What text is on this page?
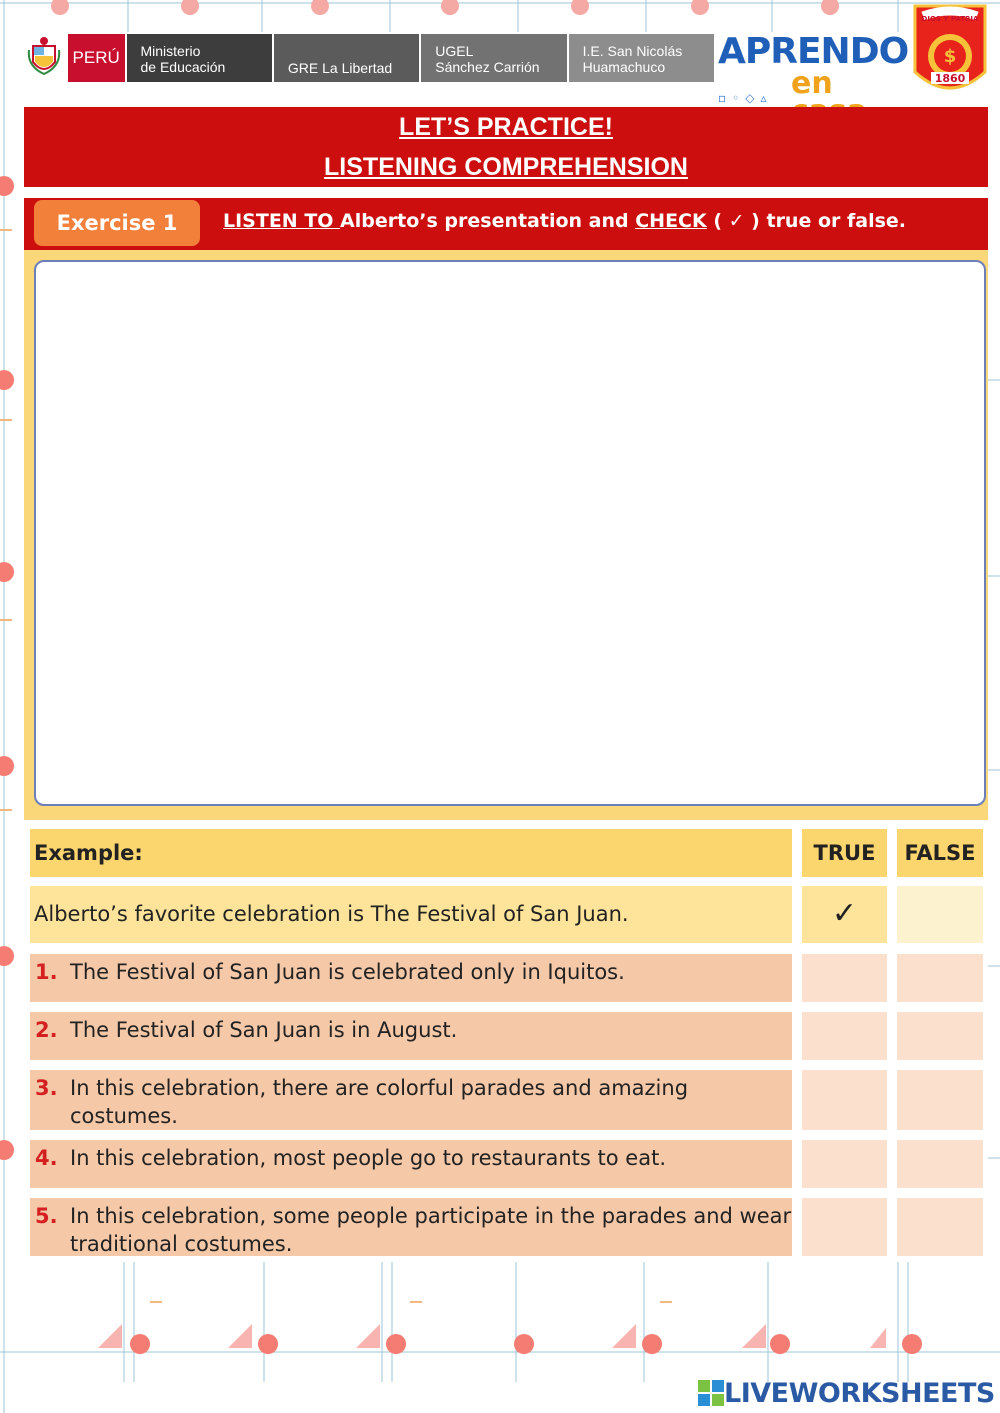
PERÚ	Ministerio
de Educación	GRE La Libertad
UGEL
Sánchez Carrión
I.E. San Nicolás
Huamachuco	APRENDO
▫◦◇▵ en
DIOS Y PATRIA
$
1860
HUAMACHUCO
LET’S PRACTICE!
LISTENING COMPREHENSION
Exercise 1	LISTEN TO Alberto’s presentation and CHECK ( ✓ ) true or false.
Example:	TRUE	FALSE
Alberto’s favorite celebration is The Festival of San Juan.	✓
1. The Festival of San Juan is celebrated only in Iquitos.
2. The Festival of San Juan is in August.
3. In this celebration, there are colorful parades and amazing costumes.
4. In this celebration, most people go to restaurants to eat.
5. In this celebration, some people participate in the parades and wear traditional costumes.
LIVEWORKSHEETS
